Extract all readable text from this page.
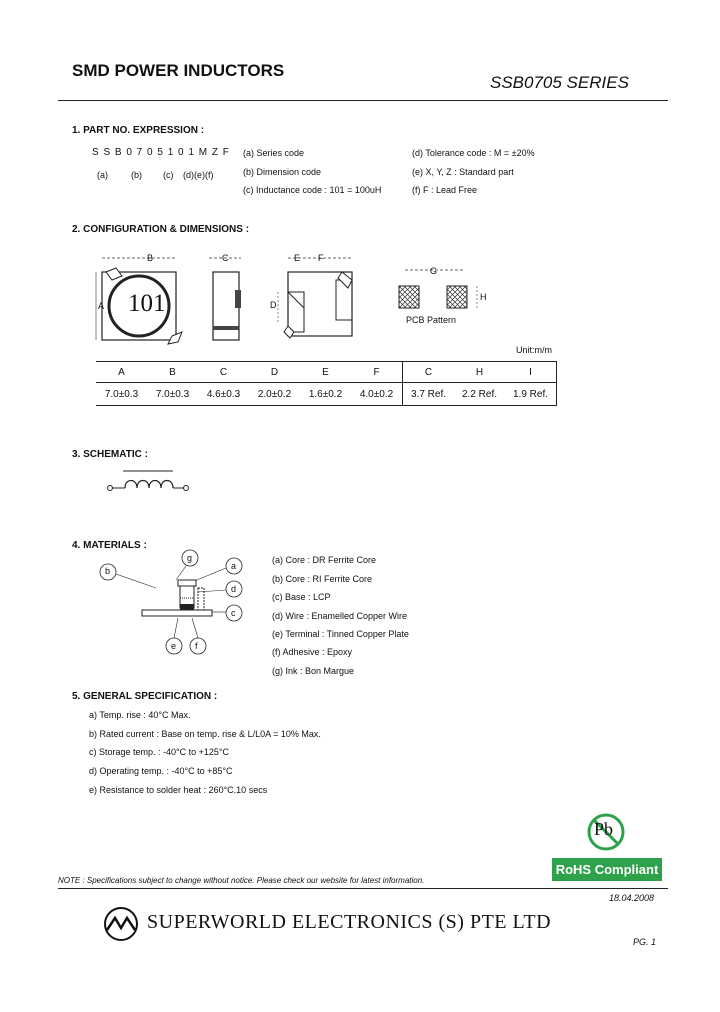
SMD POWER INDUCTORS
SSB0705 SERIES
1. PART NO. EXPRESSION :
S S B 0 7 0 5 1 0 1 M Z F
(a)	(b) (c) (d)(e)(f)
(a) Series code
(b) Dimension code
(c) Inductance code : 101 = 100uH
(d) Tolerance code : M = ±20%
(e) X, Y, Z : Standard part
(f) F : Lead Free
2. CONFIGURATION & DIMENSIONS :
B
A 101
C	E F
D
G
H
PCB Pattern
Unit:m/m
A	B	C	D	E	F	C	H	I
7.0±0.3	7.0±0.3	4.6±0.3	2.0±0.2	1.6±0.2	4.0±0.2	3.7 Ref.	2.2 Ref.	1.9 Ref.
3. SCHEMATIC :
4. MATERIALS :
g
a
b
d
c
e f
(a) Core : DR Ferrite Core
(b) Core : RI Ferrite Core
(c) Base : LCP
(d) Wire : Enamelled Copper Wire
(e) Terminal : Tinned Copper Plate
(f) Adhesive : Epoxy
(g) Ink : Bon Margue
5. GENERAL SPECIFICATION :
a) Temp. rise : 40°C Max.
b) Rated current : Base on temp. rise & L/L0A = 10% Max.
c) Storage temp. : -40°C to +125°C
d) Operating temp. : -40°C to +85°C
e) Resistance to solder heat : 260°C.10 secs
Pb
RoHS Compliant
NOTE : Specifications subject to change without notice. Please check our website for latest information.
18.04.2008
SUPERWORLD ELECTRONICS (S) PTE LTD
PG. 1
